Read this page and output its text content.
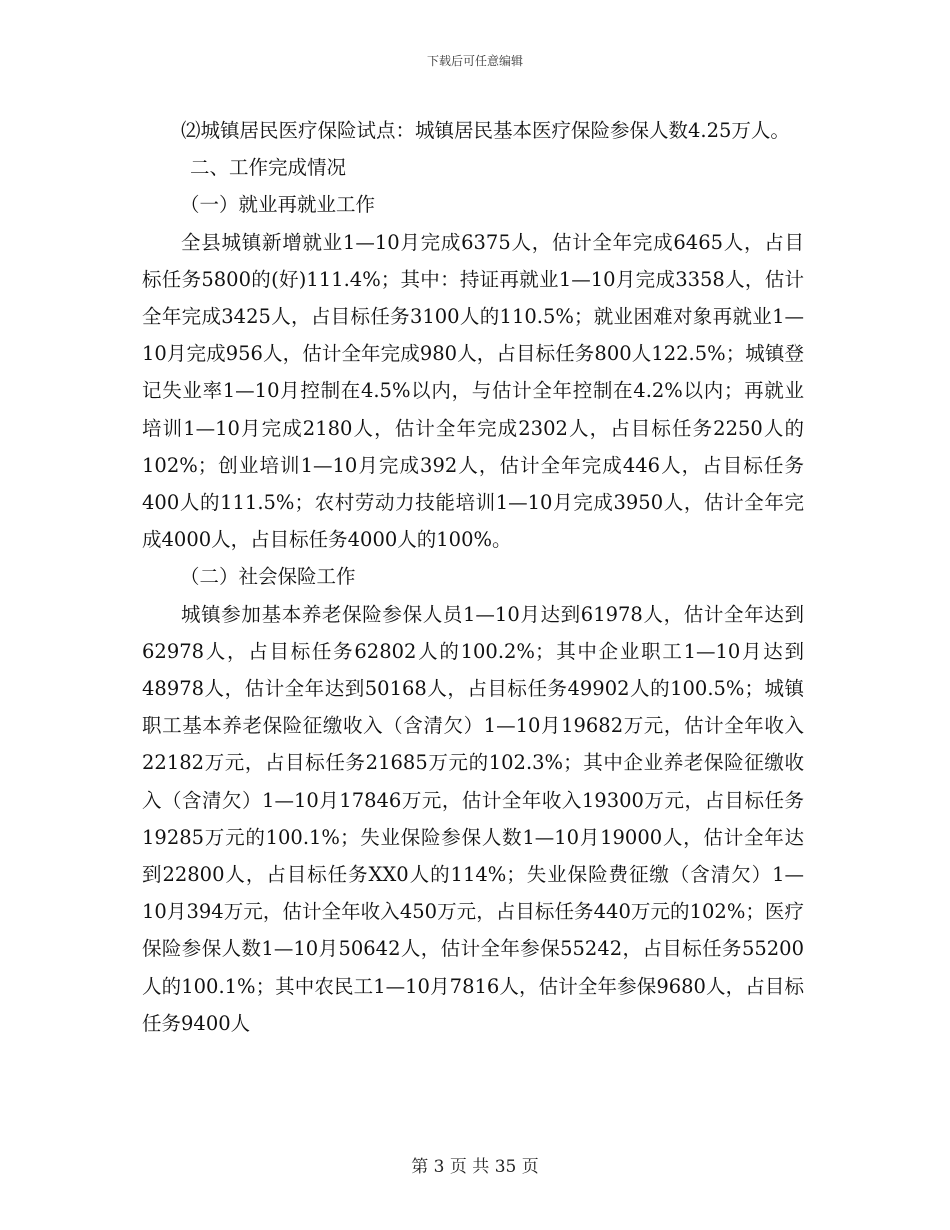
下载后可任意编辑

⑵城镇居民医疗保险试点：城镇居民基本医疗保险参保人数4.25万人。

二、工作完成情况

（一）就业再就业工作

全县城镇新增就业1—10月完成6375人，估计全年完成6465人，占目标任务5800的(好)111.4%；其中：持证再就业1—10月完成3358人，估计全年完成3425人，占目标任务3100人的110.5%；就业困难对象再就业1—10月完成956人，估计全年完成980人，占目标任务800人122.5%；城镇登记失业率1—10月控制在4.5%以内，与估计全年控制在4.2%以内；再就业培训1—10月完成2180人，估计全年完成2302人，占目标任务2250人的102%；创业培训1—10月完成392人，估计全年完成446人，占目标任务400人的111.5%；农村劳动力技能培训1—10月完成3950人，估计全年完成4000人，占目标任务4000人的100%。

（二）社会保险工作

城镇参加基本养老保险参保人员1—10月达到61978人，估计全年达到62978人，占目标任务62802人的100.2%；其中企业职工1—10月达到48978人，估计全年达到50168人，占目标任务49902人的100.5%；城镇职工基本养老保险征缴收入（含清欠）1—10月19682万元，估计全年收入22182万元，占目标任务21685万元的102.3%；其中企业养老保险征缴收入（含清欠）1—10月17846万元，估计全年收入19300万元，占目标任务19285万元的100.1%；失业保险参保人数1—10月19000人，估计全年达到22800人，占目标任务XX0人的114%；失业保险费征缴（含清欠）1—10月394万元，估计全年收入450万元，占目标任务440万元的102%；医疗保险参保人数1—10月50642人，估计全年参保55242，占目标任务55200人的100.1%；其中农民工1—10月7816人，估计全年参保9680人，占目标任务9400人

第 3 页 共 35 页
